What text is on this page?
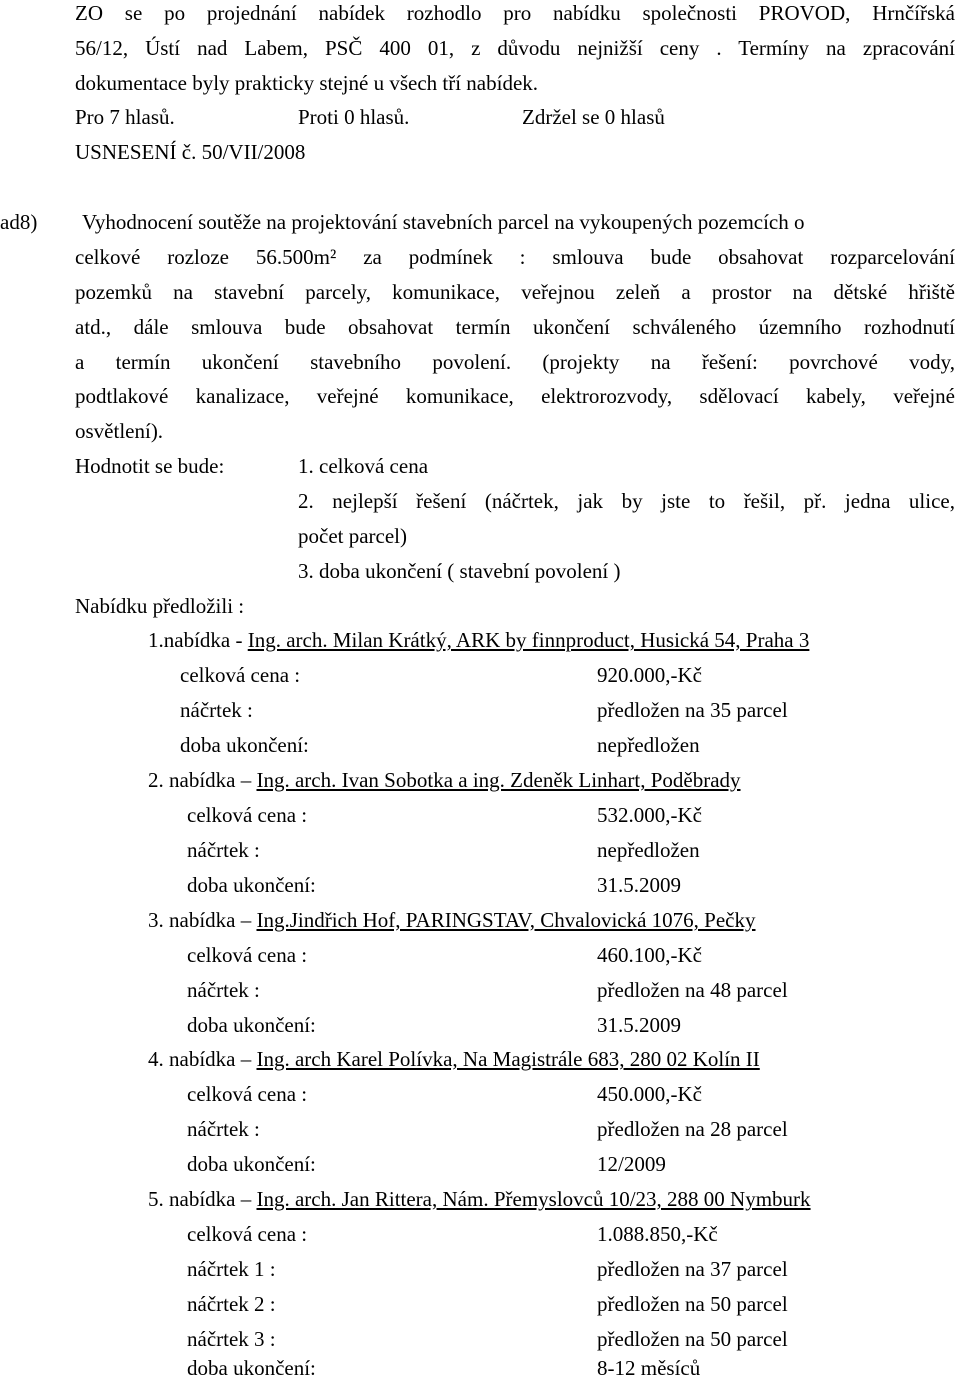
ZO se po projednání nabídek rozhodlo pro nabídku společnosti PROVOD, Hrnčířská
56/12, Ústí nad Labem, PSČ 400 01, z důvodu nejnižší ceny . Termíny na zpracování
dokumentace byly prakticky stejné u všech tří nabídek.
Pro 7 hlasů.	Proti 0 hlasů.	Zdržel se 0 hlasů
USNESENÍ č. 50/VII/2008
ad8) Vyhodnocení soutěže na projektování stavebních parcel na vykoupených pozemcích o
celkové rozloze 56.500m² za podmínek : smlouva bude obsahovat rozparcelování
pozemků na stavební parcely, komunikace, veřejnou zeleň a prostor na dětské hřiště
atd., dále smlouva bude obsahovat termín ukončení schváleného územního rozhodnutí
a termín ukončení stavebního povolení. (projekty na řešení: povrchové vody,
podtlakové kanalizace, veřejné komunikace, elektrorozvody, sdělovací kabely, veřejné
osvětlení).
Hodnotit se bude:	1. celková cena
2. nejlepší řešení (náčrtek, jak by jste to řešil, př. jedna ulice,
počet parcel)
3. doba ukončení ( stavební povolení )
Nabídku předložili :
1.nabídka - Ing. arch. Milan Krátký, ARK by finnproduct, Husická 54, Praha 3
celková cena :	920.000,-Kč
náčrtek :	předložen na 35 parcel
doba ukončení:	nepředložen
2. nabídka – Ing. arch. Ivan Sobotka a ing. Zdeněk Linhart, Poděbrady
celková cena :	532.000,-Kč
náčrtek :	nepředložen
doba ukončení:	31.5.2009
3. nabídka – Ing.Jindřich Hof, PARINGSTAV, Chvalovická 1076, Pečky
celková cena :	460.100,-Kč
náčrtek :	předložen na 48 parcel
doba ukončení:	31.5.2009
4. nabídka – Ing. arch Karel Polívka, Na Magistrále 683, 280 02 Kolín II
celková cena :	450.000,-Kč
náčrtek :	předložen na 28 parcel
doba ukončení:	12/2009
5. nabídka – Ing. arch. Jan Rittera, Nám. Přemyslovců 10/23, 288 00 Nymburk
celková cena :	1.088.850,-Kč
náčrtek 1 :	předložen na 37 parcel
náčrtek 2 :	předložen na 50 parcel
náčrtek 3 :	předložen na 50 parcel
doba ukončení:	8-12 měsíců
